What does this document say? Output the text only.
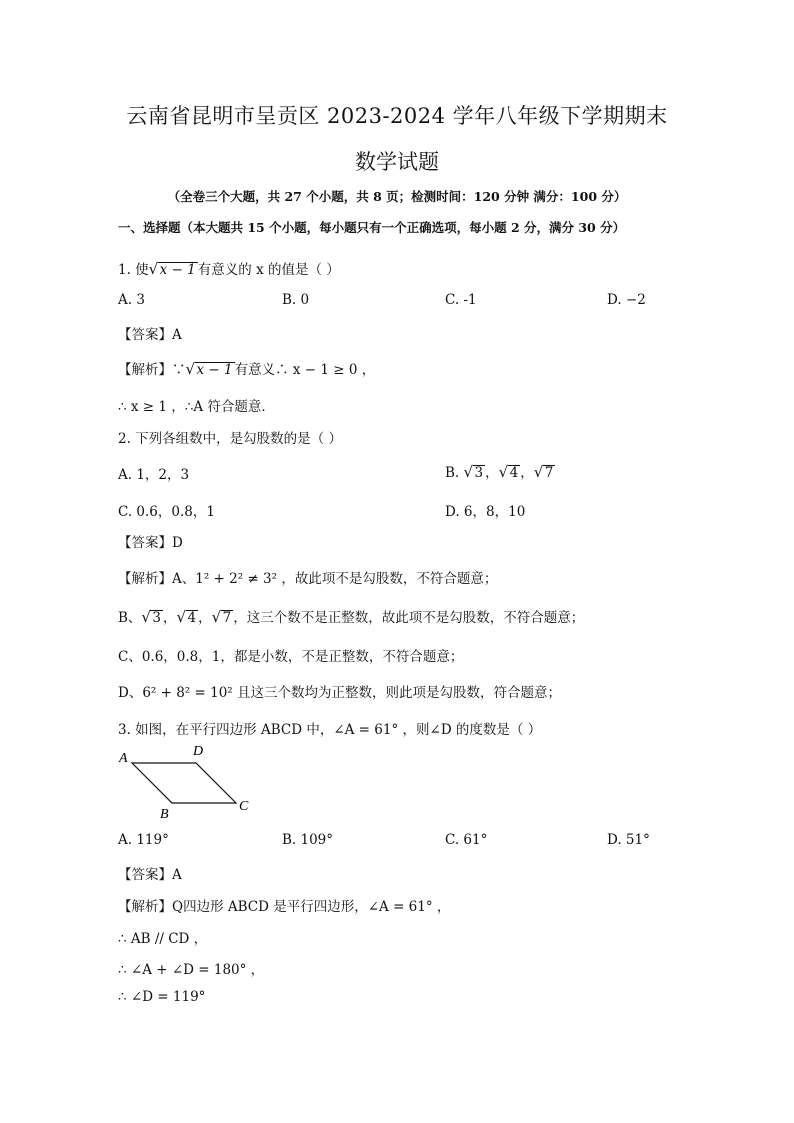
云南省昆明市呈贡区 2023-2024 学年八年级下学期期末
数学试题
（全卷三个大题，共 27 个小题，共 8 页；检测时间：120 分钟 满分：100 分）
一、选择题（本大题共 15 个小题，每小题只有一个正确选项，每小题 2 分，满分 30 分）
1. 使 √ x − 1 有意义的 x 的值是（ ）
A. 3	B. 0	C. -1	D. −2
【答案】A
【解析】∵ √ x − 1 有意义∴ x − 1 ≥ 0 ，
∴ x ≥ 1 ，∴A 符合题意．
2. 下列各组数中，是勾股数的是（ ）
A. 1，2，3	B. √ 3 ， √ 4 ， √ 7
C. 0.6，0.8，1	D. 6，8，10
【答案】D
【解析】A、1² + 2² ≠ 3² ，故此项不是勾股数，不符合题意；
B、 √ 3 ， √ 4 ， √ 7 ，这三个数不是正整数，故此项不是勾股数，不符合题意；
C、0.6，0.8，1，都是小数，不是正整数，不符合题意；
D、6² + 8² = 10² 且这三个数均为正整数，则此项是勾股数，符合题意；
3. 如图，在平行四边形 ABCD 中，∠A = 61° ，则∠D 的度数是（ ）
A	D
B
C
A. 119°	B. 109°	C. 61°	D. 51°
【答案】A
【解析】Q四边形 ABCD 是平行四边形，∠A = 61° ，
∴ AB // CD ，
∴ ∠A + ∠D = 180° ，
∴ ∠D = 119°
